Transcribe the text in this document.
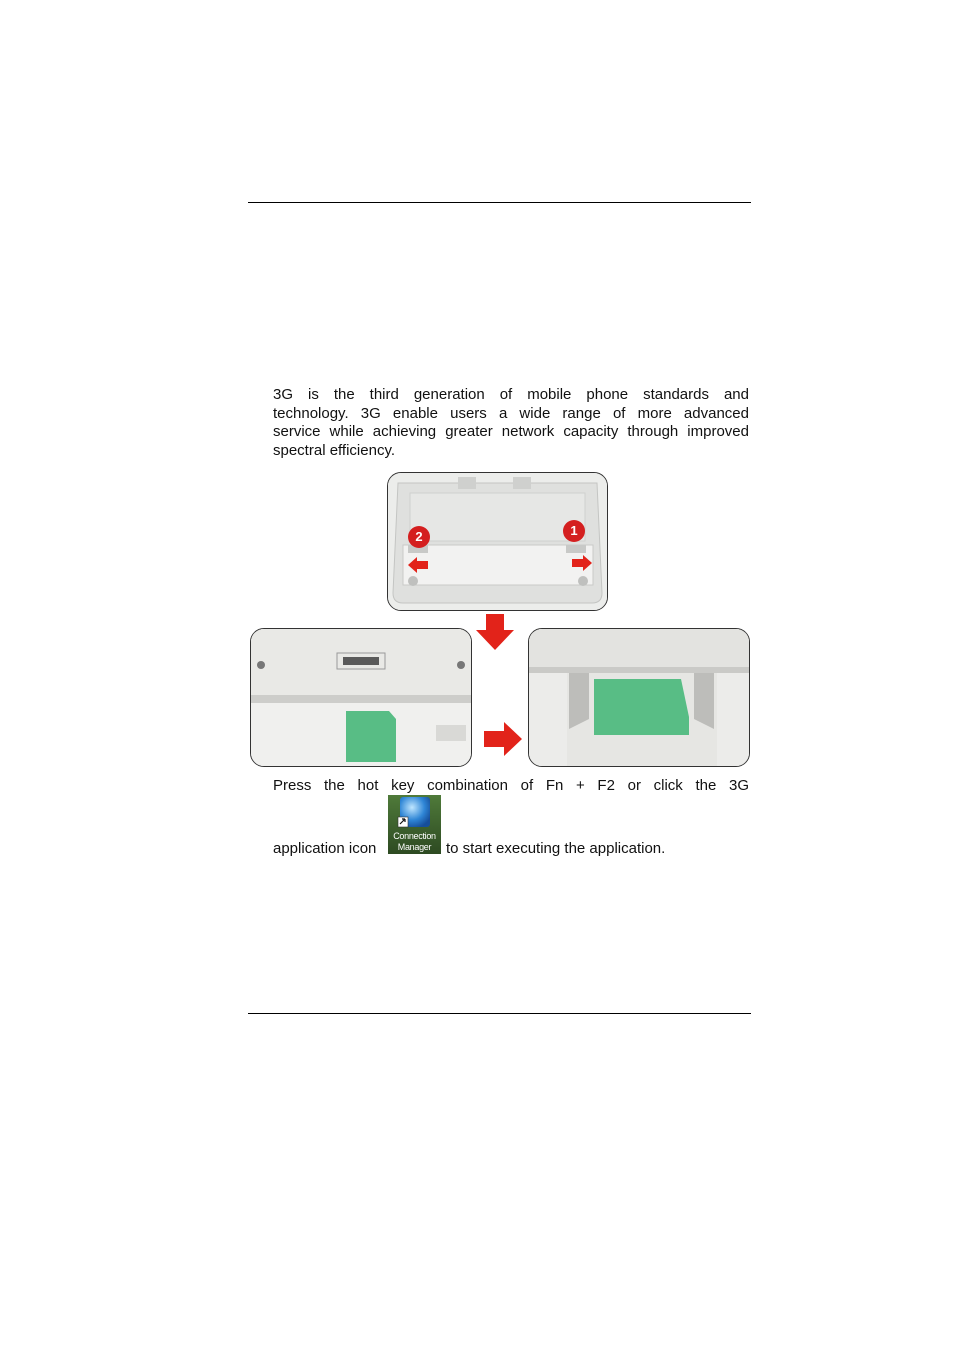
3G is the third generation of mobile phone standards and
technology. 3G enable users a wide range of more advanced
service while achieving greater network capacity through improved
spectral efficiency.
2	1
Press the hot key combination of Fn + F2 or click the 3G
application icon
Connection
Manager to start executing the application.
